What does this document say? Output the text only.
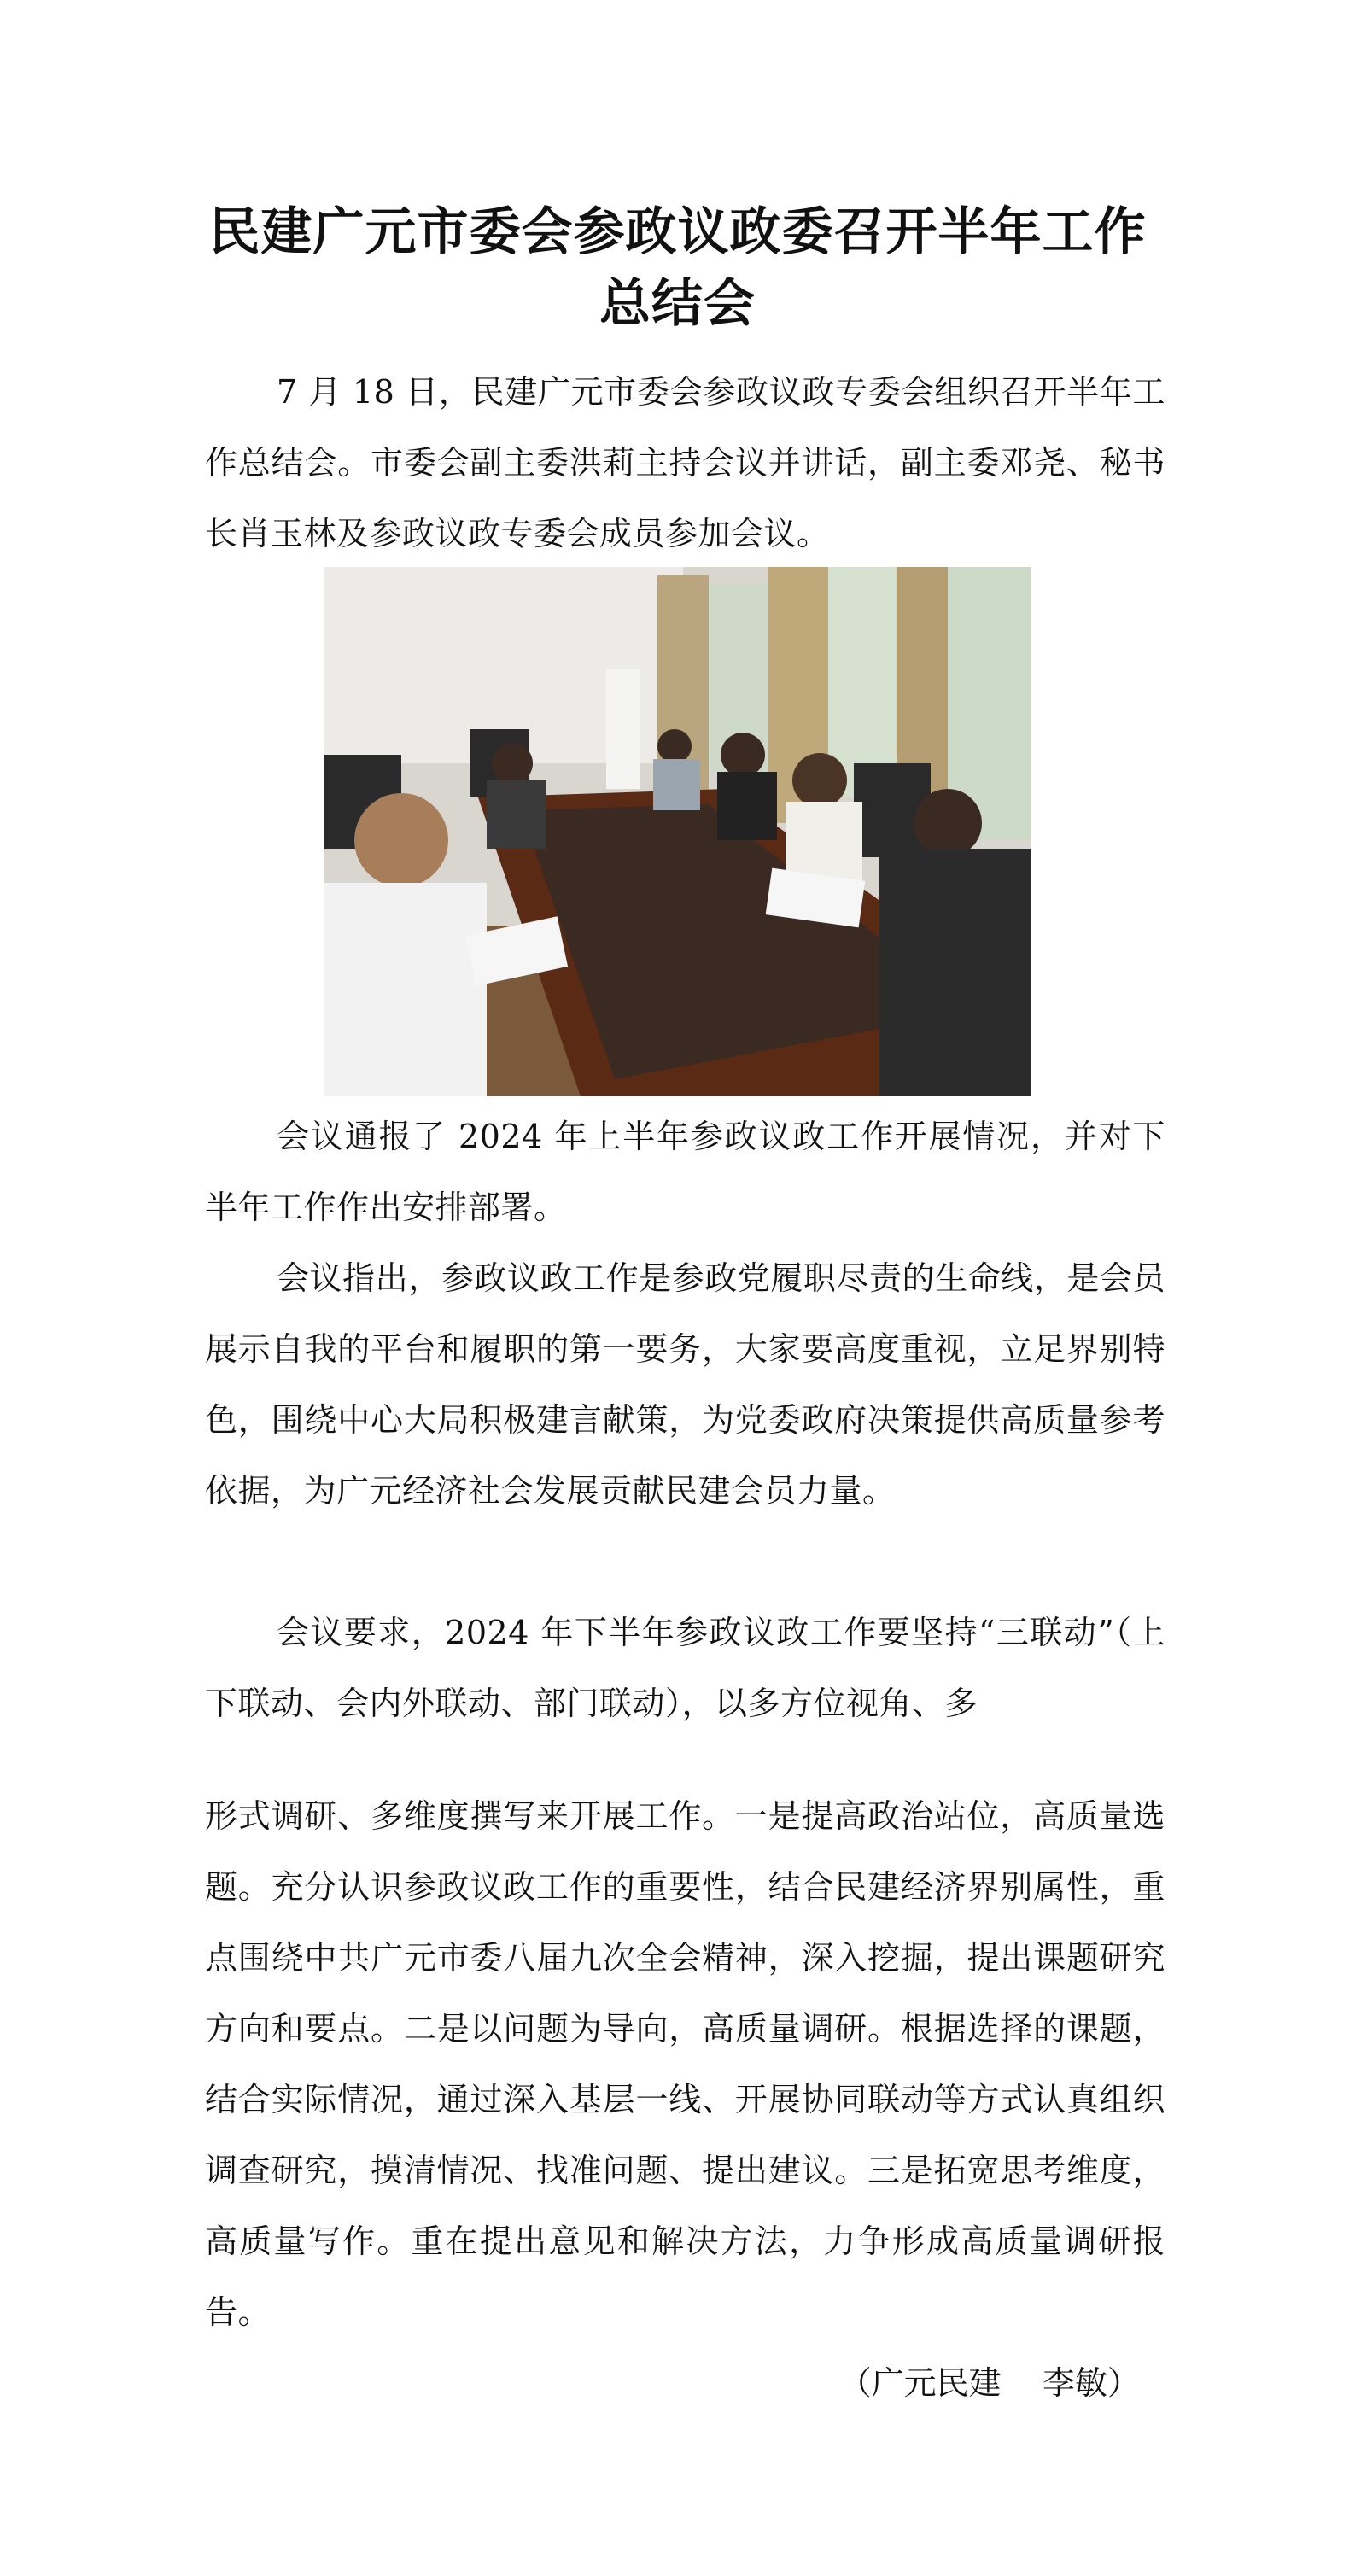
民建广元市委会参政议政委召开半年工作总结会

7 月 18 日，民建广元市委会参政议政专委会组织召开半年工作总结会。市委会副主委洪莉主持会议并讲话，副主委邓尧、秘书长肖玉林及参政议政专委会成员参加会议。

会议通报了 2024 年上半年参政议政工作开展情况，并对下半年工作作出安排部署。

会议指出，参政议政工作是参政党履职尽责的生命线，是会员展示自我的平台和履职的第一要务，大家要高度重视，立足界别特色，围绕中心大局积极建言献策，为党委政府决策提供高质量参考依据，为广元经济社会发展贡献民建会员力量。

会议要求，2024 年下半年参政议政工作要坚持“三联动”（上下联动、会内外联动、部门联动），以多方位视角、多

形式调研、多维度撰写来开展工作。一是提高政治站位，高质量选题。充分认识参政议政工作的重要性，结合民建经济界别属性，重点围绕中共广元市委八届九次全会精神，深入挖掘，提出课题研究方向和要点。二是以问题为导向，高质量调研。根据选择的课题，结合实际情况，通过深入基层一线、开展协同联动等方式认真组织调查研究，摸清情况、找准问题、提出建议。三是拓宽思考维度，高质量写作。重在提出意见和解决方法，力争形成高质量调研报告。

（广元民建    李敏）
